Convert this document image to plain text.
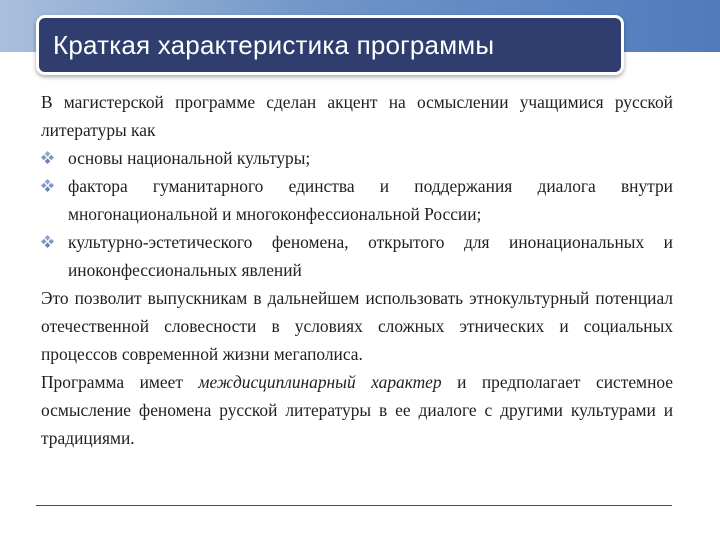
Краткая характеристика программы

В магистерской программе сделан акцент на осмыслении учащимися русской литературы как

основы национальной культуры;

фактора гуманитарного единства и поддержания диалога внутри многонациональной и многоконфессиональной России;

культурно-эстетического феномена, открытого для инонациональных и иноконфессиональных явлений

Это позволит выпускникам в дальнейшем использовать этнокультурный потенциал отечественной словесности в условиях сложных этнических и социальных процессов современной жизни мегаполиса.

Программа имеет междисциплинарный характер и предполагает системное осмысление феномена русской литературы в ее диалоге с другими культурами и традициями.
